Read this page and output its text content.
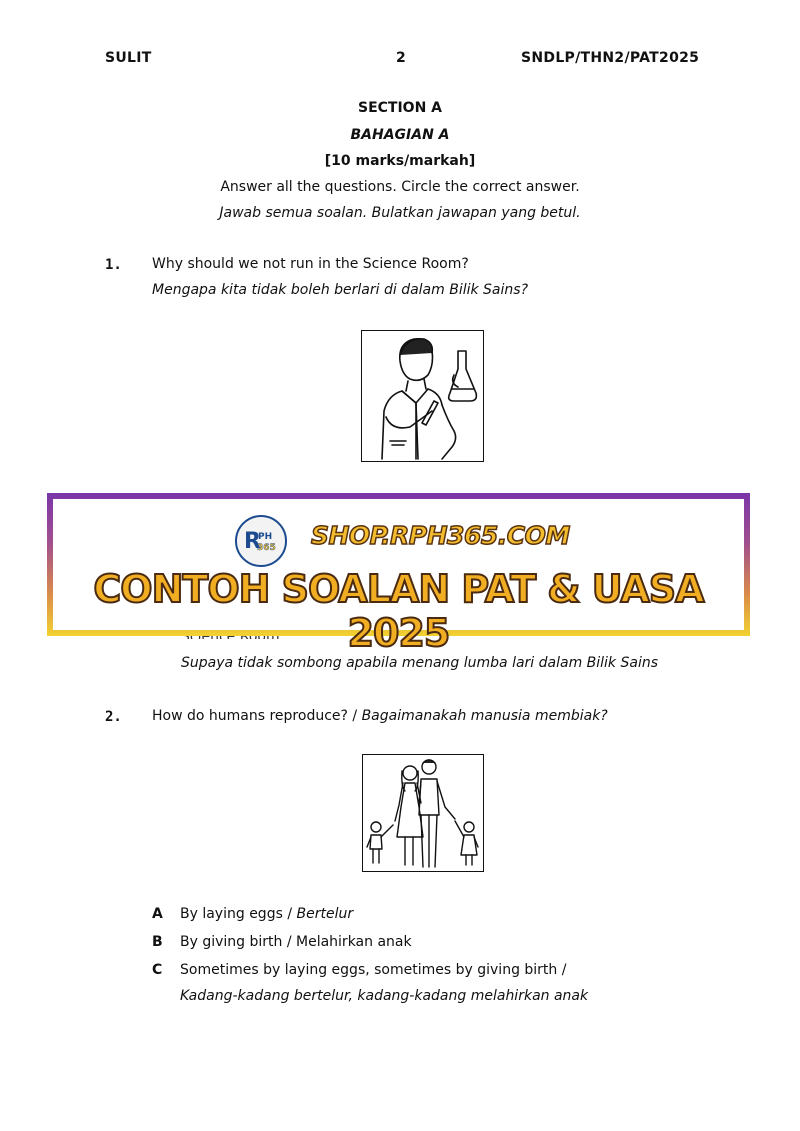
SULIT	2	SNDLP/THN2/PAT2025
SECTION A
BAHAGIAN A
[10 marks/markah]
Answer all the questions. Circle the correct answer.
Jawab semua soalan. Bulatkan jawapan yang betul.
1. Why should we not run in the Science Room?
Mengapa kita tidak boleh berlari di dalam Bilik Sains?
Supaya tidak sombong apabila menang lumba lari dalam Bilik Sains
R
PH
365 SHOP.RPH365.COM
CONTOH SOALAN PAT & UASA 2025
2. How do humans reproduce? / Bagaimanakah manusia membiak?
A By laying eggs / Bertelur
B By giving birth / Melahirkan anak
C Sometimes by laying eggs, sometimes by giving birth /
Kadang-kadang bertelur, kadang-kadang melahirkan anak
